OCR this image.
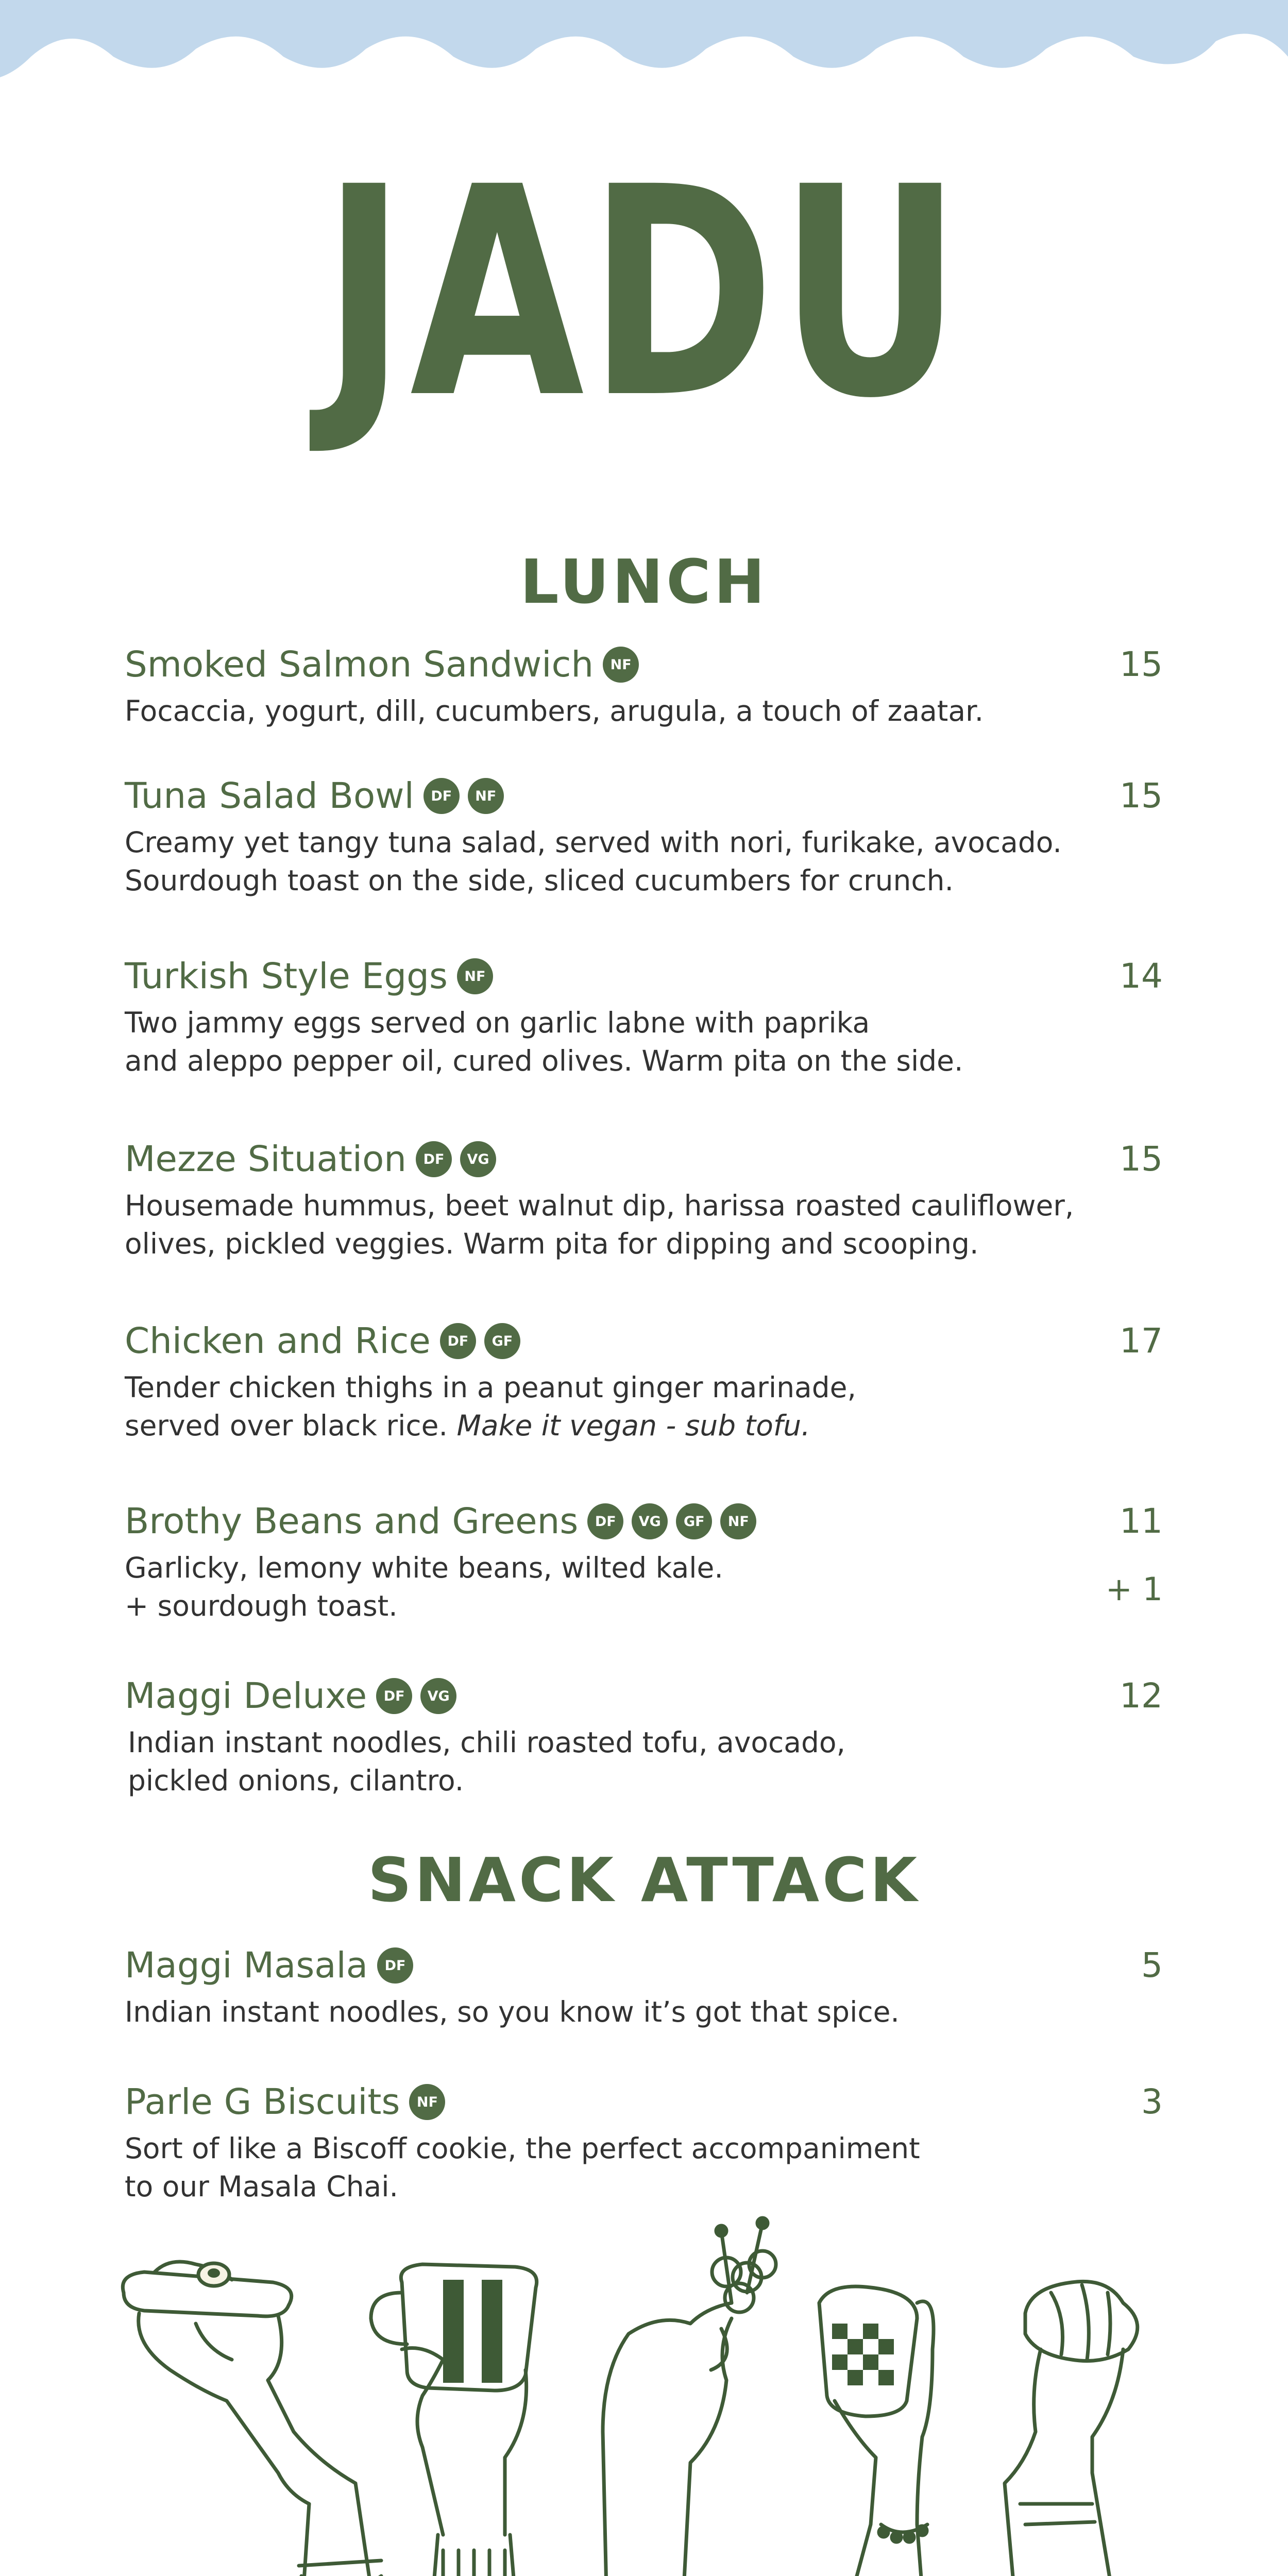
JADU
LUNCH
Smoked Salmon Sandwich	NF	15
Focaccia, yogurt, dill, cucumbers, arugula, a touch of zaatar.
Tuna Salad Bowl	DF	NF	15
Creamy yet tangy tuna salad, served with nori, furikake, avocado.
Sourdough toast on the side, sliced cucumbers for crunch.
Turkish Style Eggs	NF	14
Two jammy eggs served on garlic labne with paprika
and aleppo pepper oil, cured olives. Warm pita on the side.
Mezze Situation	DF	VG	15
Housemade hummus, beet walnut dip, harissa roasted cauliflower,
olives, pickled veggies. Warm pita for dipping and scooping.
Chicken and Rice	DF	GF	17
Tender chicken thighs in a peanut ginger marinade,
served over black rice. Make it vegan - sub tofu.
Brothy Beans and Greens	DF	VG	GF	NF	11
+ 1
Garlicky, lemony white beans, wilted kale.
+ sourdough toast.
Maggi Deluxe	DF	VG	12
Indian instant noodles, chili roasted tofu, avocado,
pickled onions, cilantro.
SNACK ATTACK
Maggi Masala	DF	5
Indian instant noodles, so you know it’s got that spice.
Parle G Biscuits	NF	3
Sort of like a Biscoff cookie, the perfect accompaniment
to our Masala Chai.
